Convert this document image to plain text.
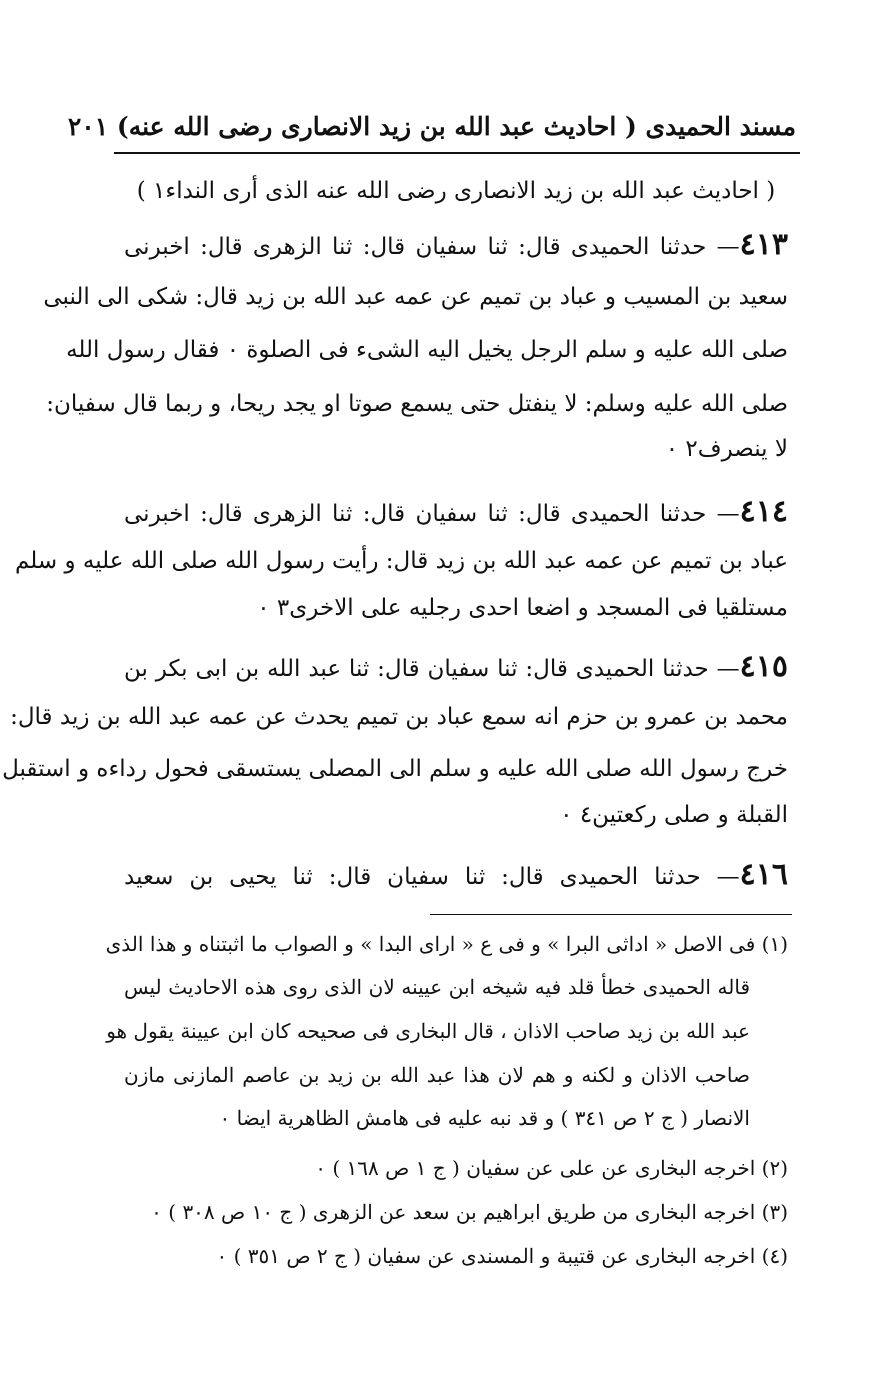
مسند الحميدى ( احاديث عبد الله بن زيد الانصارى رضى الله عنه) ٢٠١
( احاديث عبد الله بن زيد الانصارى رضى الله عنه الذى أرى النداء١ )
٤١٣— حدثنا الحميدى قال: ثنا سفيان قال: ثنا الزهرى قال: اخبرنى
سعيد بن المسيب و عباد بن تميم عن عمه عبد الله بن زيد قال: شكى الى النبى
صلى الله عليه و سلم الرجل يخيل اليه الشىء فى الصلوة ٠ فقال رسول الله
صلى الله عليه وسلم: لا ينفتل حتى يسمع صوتا او يجد ريحا، و ربما قال سفيان:
لا ينصرف٢ ٠
٤١٤— حدثنا الحميدى قال: ثنا سفيان قال: ثنا الزهرى قال: اخبرنى
عباد بن تميم عن عمه عبد الله بن زيد قال: رأيت رسول الله صلى الله عليه و سلم
مستلقيا فى المسجد و اضعا احدى رجليه على الاخرى٣ ٠
٤١٥— حدثنا الحميدى قال: ثنا سفيان قال: ثنا عبد الله بن ابى بكر بن
محمد بن عمرو بن حزم انه سمع عباد بن تميم يحدث عن عمه عبد الله بن زيد قال:
خرج رسول الله صلى الله عليه و سلم الى المصلى يستسقى فحول رداءه و استقبل
القبلة و صلى ركعتين٤ ٠
٤١٦— حدثنا الحميدى قال: ثنا سفيان قال: ثنا يحيى بن سعيد
(١) فى الاصل « اداثى البرا » و فى ع « اراى البدا » و الصواب ما اثبتناه و هذا الذى
قاله الحميدى خطأ قلد فيه شيخه ابن عيينه لان الذى روى هذه الاحاديث ليس
عبد الله بن زيد صاحب الاذان ، قال البخارى فى صحيحه كان ابن عيينة يقول هو
صاحب الاذان و لكنه و هم لان هذا عبد الله بن زيد بن عاصم المازنى مازن
الانصار ( ج ٢ ص ٣٤١ ) و قد نبه عليه فى هامش الظاهرية ايضا ٠
(٢) اخرجه البخارى عن على عن سفيان ( ج ١ ص ١٦٨ ) ٠
(٣) اخرجه البخارى من طريق ابراهيم بن سعد عن الزهرى ( ج ١٠ ص ٣٠٨ ) ٠
(٤) اخرجه البخارى عن قتيبة و المسندى عن سفيان ( ج ٢ ص ٣٥١ ) ٠
